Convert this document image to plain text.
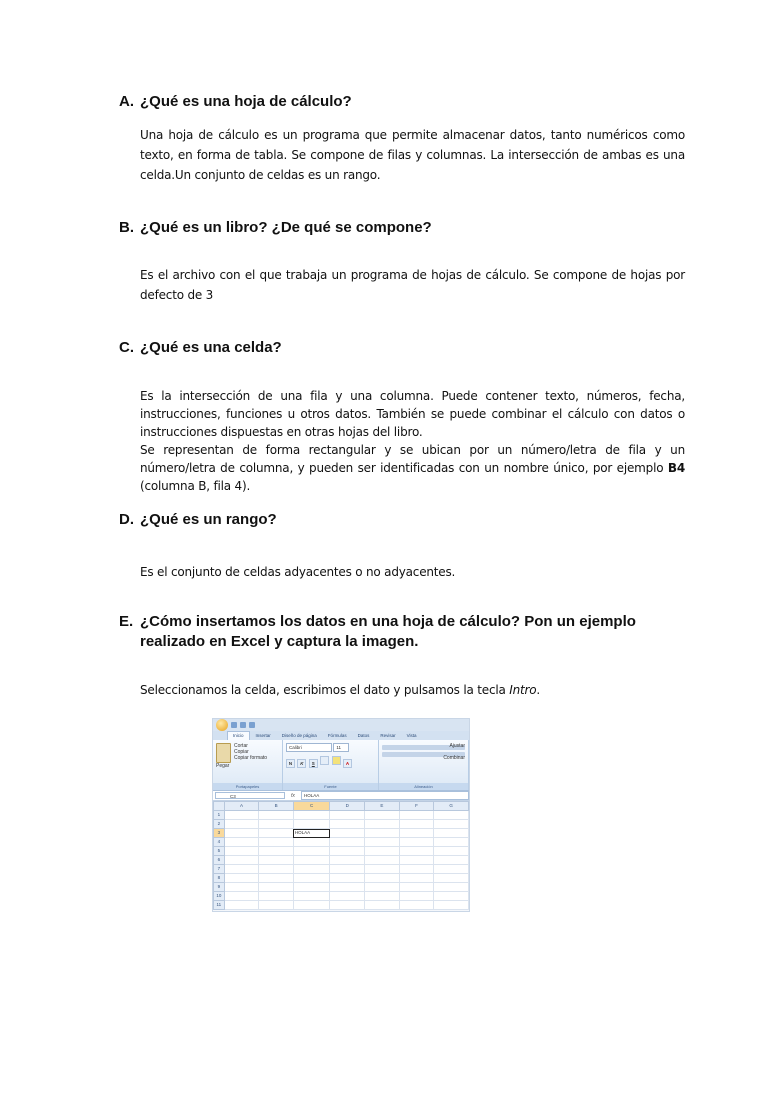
A. ¿Qué es una hoja de cálculo?
Una hoja de cálculo es un programa que permite almacenar datos, tanto numéricos como texto, en forma de tabla. Se compone de filas y columnas. La intersección de ambas es una celda.Un conjunto de celdas es un rango.
B. ¿Qué es un libro? ¿De qué se compone?
Es el archivo con el que trabaja un programa de hojas de cálculo. Se compone de hojas por defecto de 3
C. ¿Qué es una celda?
Es la intersección de una fila y una columna. Puede contener texto, números, fecha, instrucciones, funciones u otros datos. También se puede combinar el cálculo con datos o instrucciones dispuestas en otras hojas del libro.
Se representan de forma rectangular y se ubican por un número/letra de fila y un número/letra de columna, y pueden ser identificadas con un nombre único, por ejemplo B4 (columna B, fila 4).
D. ¿Qué es un rango?
Es el conjunto de celdas adyacentes o no adyacentes.
E. ¿Cómo insertamos los datos en una hoja de cálculo? Pon un ejemplo realizado en Excel y captura la imagen.
Seleccionamos la celda, escribimos el dato y pulsamos la tecla Intro.
Inicio	Insertar	Diseño de página	Fórmulas	Datos	Revisar	Vista
Pegar
Cortar
Copiar
Copiar formato
Portapapeles
Calibri	11
N K S	A
Fuente
Ajustar
Combinar
Alineación
C3	fx	HOLAA
	A	B	C	D	E	F	G
1							
2							
3			HOLAA				
4							
5							
6							
7							
8							
9							
10							
11							
